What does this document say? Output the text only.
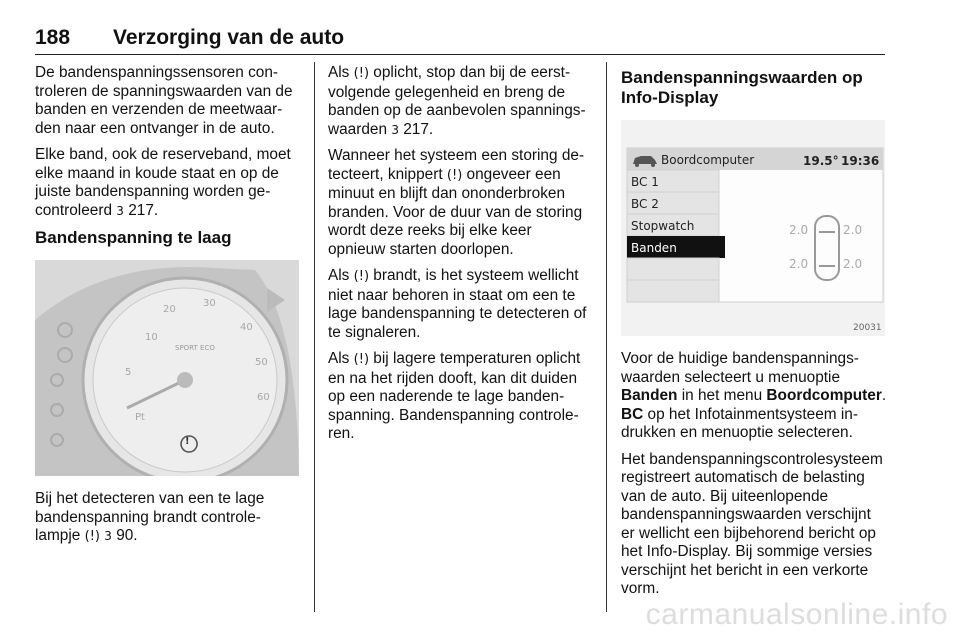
188 Verzorging van de auto

De bandenspanningssensoren controleren de spanningswaarden van de banden en verzenden de meetwaarden naar een ontvanger in de auto.

Elke band, ook de reserveband, moet elke maand in koude staat en op de juiste bandenspanning worden gecontroleerd 3 217.

Bandenspanning te laag
10
20
30
40
50
60
5
Pt
SPORT ECO
!

Bij het detecteren van een te lage bandenspanning brandt controlelampje (!) 3 90.

Als (!) oplicht, stop dan bij de eerstvolgende gelegenheid en breng de banden op de aanbevolen spanningswaarden 3 217.

Wanneer het systeem een storing detecteert, knippert (!) ongeveer een minuut en blijft dan ononderbroken branden. Voor de duur van de storing wordt deze reeks bij elke keer opnieuw starten doorlopen.

Als (!) brandt, is het systeem wellicht niet naar behoren in staat om een te lage bandenspanning te detecteren of te signaleren.

Als (!) bij lagere temperaturen oplicht en na het rijden dooft, kan dit duiden op een naderende te lage bandenspanning. Bandenspanning controleren.

Bandenspanningswaarden op Info-Display
Boordcomputer	19.5° 19:36
BC 1
BC 2
Stopwatch
Banden
2.0	2.0
2.0	2.0
20031

Voor de huidige bandenspanningswaarden selecteert u menuoptie Banden in het menu Boordcomputer.
BC op het Infotainmentsysteem indrukken en menuoptie selecteren.

Het bandenspanningscontrolesysteem registreert automatisch de belasting van de auto. Bij uiteenlopende bandenspanningswaarden verschijnt er wellicht een bijbehorend bericht op het Info-Display. Bij sommige versies verschijnt het bericht in een verkorte vorm.

carmanualsonline.info
